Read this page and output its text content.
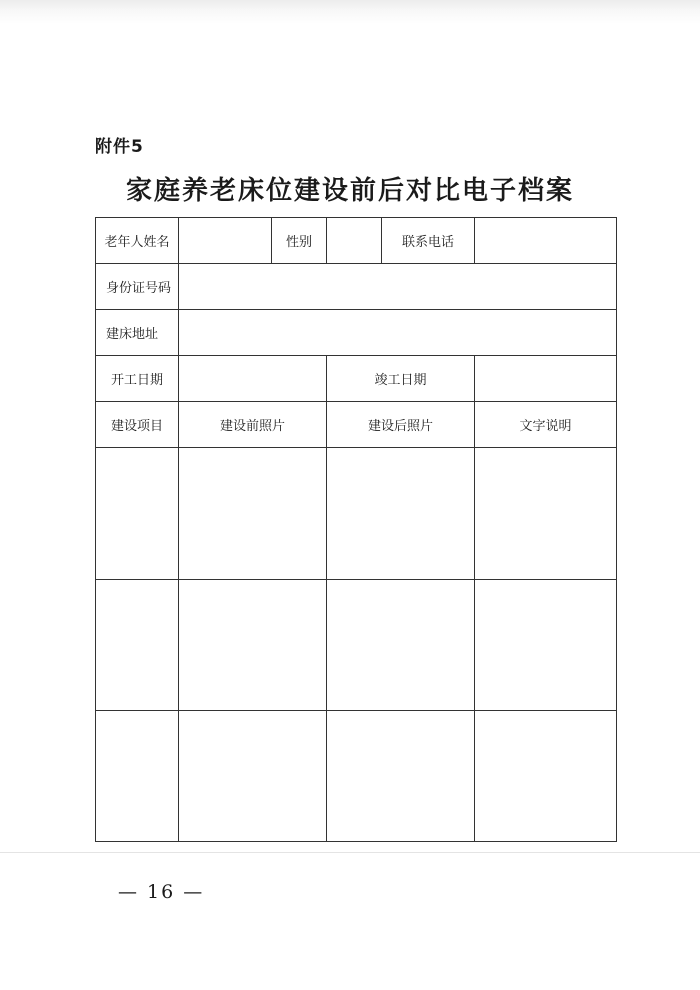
附件5
家庭养老床位建设前后对比电子档案
老年人姓名		性别		联系电话	
身份证号码					
建床地址					
开工日期			竣工日期		
建设项目	建设前照片		建设后照片		文字说明

— 16 —
